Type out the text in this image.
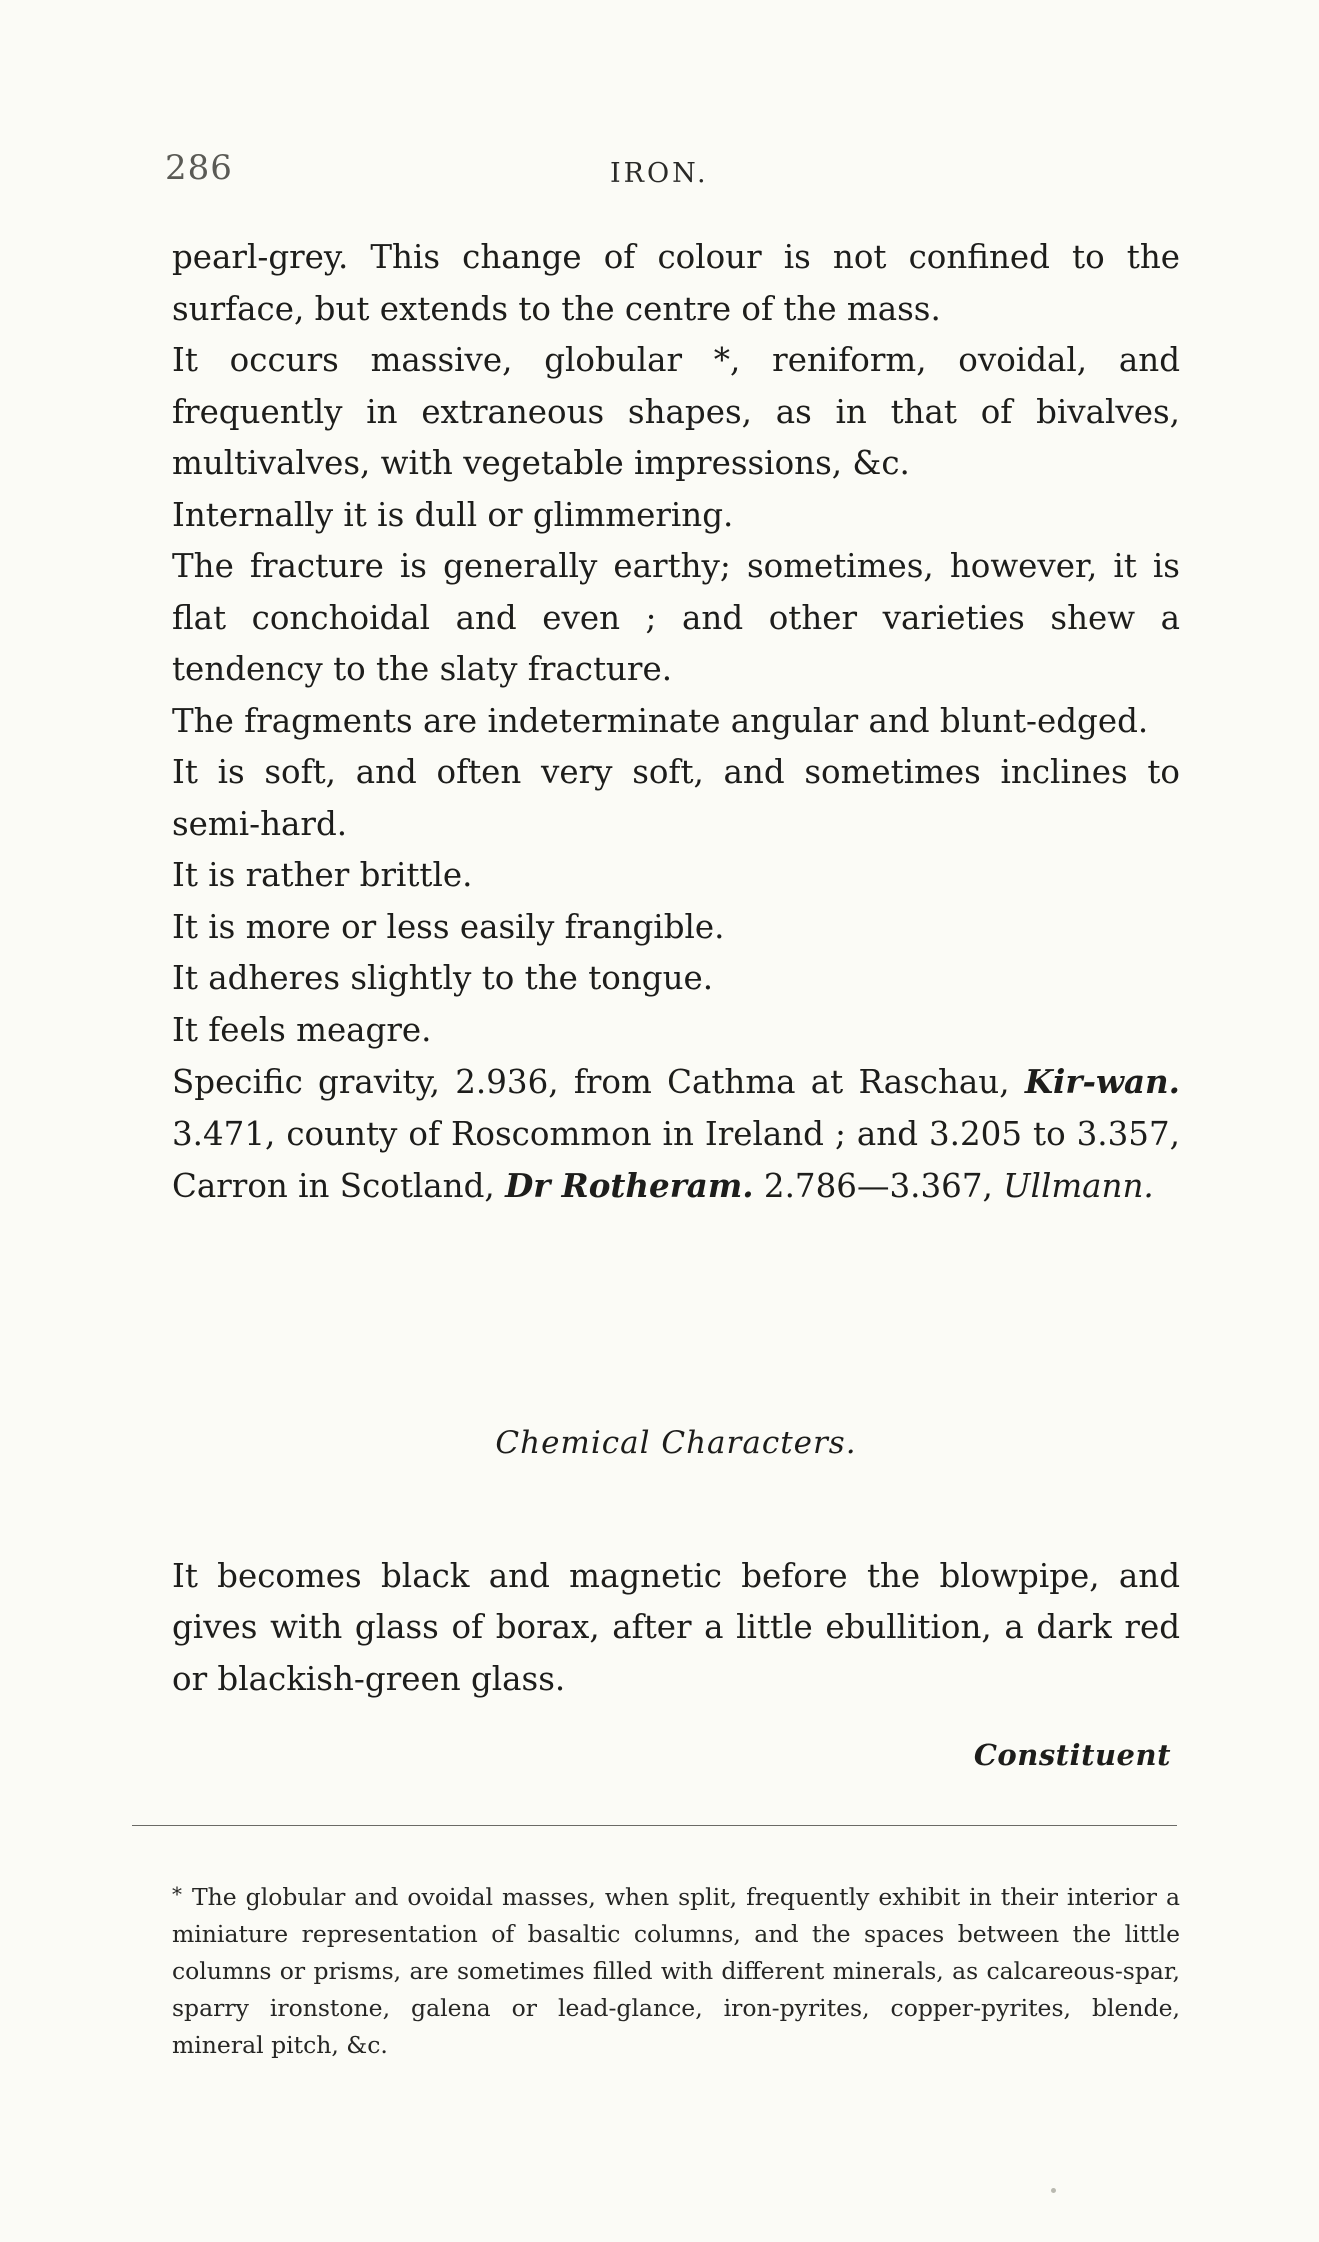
286	IRON.

pearl-grey. This change of colour is not confined to the surface, but extends to the centre of the mass.

It occurs massive, globular *, reniform, ovoidal, and frequently in extraneous shapes, as in that of bivalves, multivalves, with vegetable impressions, &c.

Internally it is dull or glimmering.

The fracture is generally earthy; sometimes, however, it is flat conchoidal and even ; and other varieties shew a tendency to the slaty fracture.

The fragments are indeterminate angular and blunt-edged.

It is soft, and often very soft, and sometimes inclines to semi-hard.

It is rather brittle.

It is more or less easily frangible.

It adheres slightly to the tongue.

It feels meagre.

Specific gravity, 2.936, from Cathma at Raschau, Kir-wan. 3.471, county of Roscommon in Ireland ; and 3.205 to 3.357, Carron in Scotland, Dr Rotheram. 2.786—3.367, Ullmann.

Chemical Characters.

It becomes black and magnetic before the blowpipe, and gives with glass of borax, after a little ebullition, a dark red or blackish-green glass.

Constituent

* The globular and ovoidal masses, when split, frequently exhibit in their interior a miniature representation of basaltic columns, and the spaces between the little columns or prisms, are sometimes filled with different minerals, as calcareous-spar, sparry ironstone, galena or lead-glance, iron-pyrites, copper-pyrites, blende, mineral pitch, &c.
